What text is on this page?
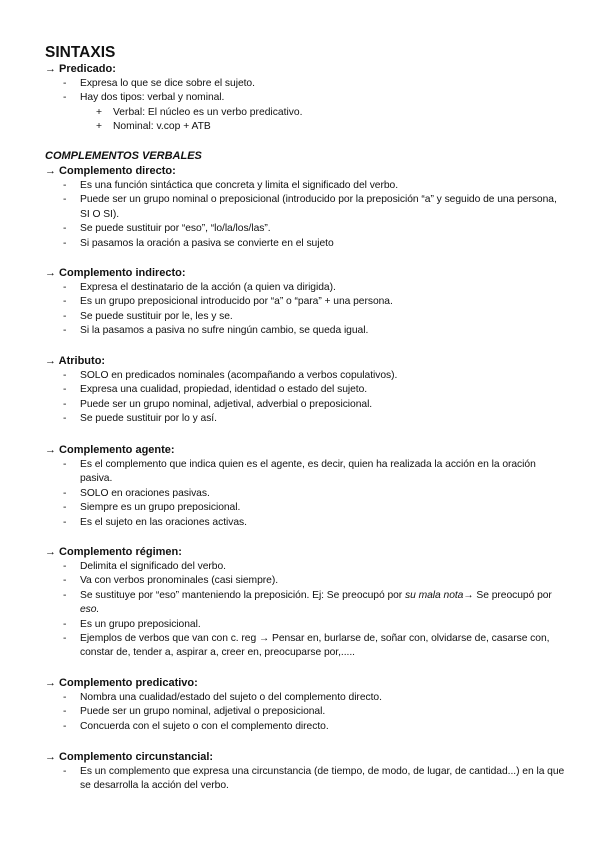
SINTAXIS
→ Predicado:
- Expresa lo que se dice sobre el sujeto.
- Hay dos tipos: verbal y nominal.
+ Verbal: El núcleo es un verbo predicativo.
+ Nominal: v.cop + ATB
COMPLEMENTOS VERBALES
→ Complemento directo:
- Es una función sintáctica que concreta y limita el significado del verbo.
- Puede ser un grupo nominal o preposicional (introducido por la preposición “a” y seguido de una persona, SI O SI).
- Se puede sustituir por “eso”, “lo/la/los/las”.
- Si pasamos la oración a pasiva se convierte en el sujeto
→ Complemento indirecto:
- Expresa el destinatario de la acción (a quien va dirigida).
- Es un grupo preposicional introducido por “a” o “para” + una persona.
- Se puede sustituir por le, les y se.
- Si la pasamos a pasiva no sufre ningún cambio, se queda igual.
→ Atributo:
- SOLO en predicados nominales (acompañando a verbos copulativos).
- Expresa una cualidad, propiedad, identidad o estado del sujeto.
- Puede ser un grupo nominal, adjetival, adverbial o preposicional.
- Se puede sustituir por lo y así.
→ Complemento agente:
- Es el complemento que indica quien es el agente, es decir, quien ha realizada la acción en la oración pasiva.
- SOLO en oraciones pasivas.
- Siempre es un grupo preposicional.
- Es el sujeto en las oraciones activas.
→ Complemento régimen:
- Delimita el significado del verbo.
- Va con verbos pronominales (casi siempre).
- Se sustituye por “eso” manteniendo la preposición. Ej: Se preocupó por su mala nota→ Se preocupó por eso.
- Es un grupo preposicional.
- Ejemplos de verbos que van con c. reg → Pensar en, burlarse de, soñar con, olvidarse de, casarse con, constar de, tender a, aspirar a, creer en, preocuparse por,.....
→ Complemento predicativo:
- Nombra una cualidad/estado del sujeto o del complemento directo.
- Puede ser un grupo nominal, adjetival o preposicional.
- Concuerda con el sujeto o con el complemento directo.
→ Complemento circunstancial:
- Es un complemento que expresa una circunstancia (de tiempo, de modo, de lugar, de cantidad...) en la que se desarrolla la acción del verbo.
